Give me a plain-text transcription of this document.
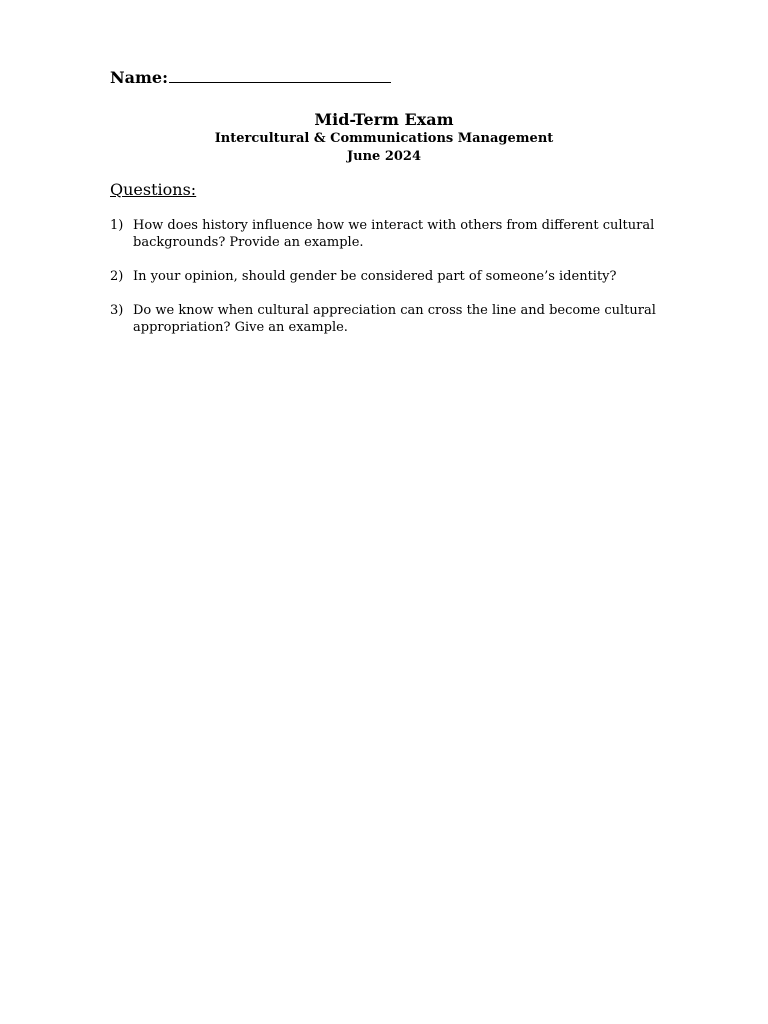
Name:
Mid-Term Exam
Intercultural & Communications Management
June 2024
Questions:
1) How does history influence how we interact with others from different cultural backgrounds? Provide an example.
2) In your opinion, should gender be considered part of someone’s identity?
3) Do we know when cultural appreciation can cross the line and become cultural appropriation? Give an example.
